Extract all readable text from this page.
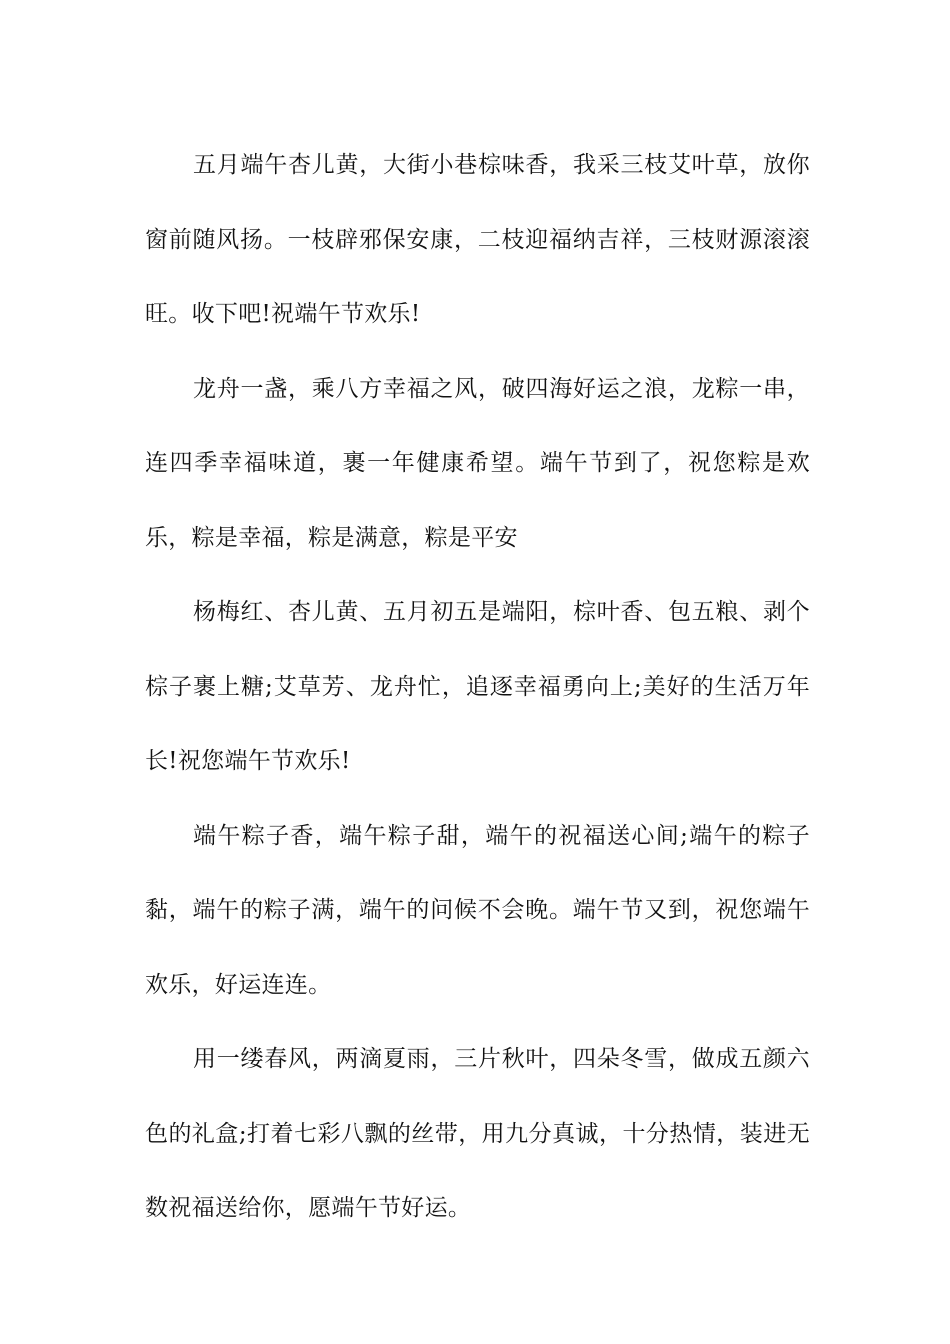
五月端午杏儿黄，大街小巷棕味香，我采三枝艾叶草，放你窗前随风扬。一枝辟邪保安康，二枝迎福纳吉祥，三枝财源滚滚旺。收下吧!祝端午节欢乐!

龙舟一盏，乘八方幸福之风，破四海好运之浪，龙粽一串，连四季幸福味道，裹一年健康希望。端午节到了，祝您粽是欢乐，粽是幸福，粽是满意，粽是平安

杨梅红、杏儿黄、五月初五是端阳，棕叶香、包五粮、剥个棕子裹上糖;艾草芳、龙舟忙，追逐幸福勇向上;美好的生活万年长!祝您端午节欢乐!

端午粽子香，端午粽子甜，端午的祝福送心间;端午的粽子黏，端午的粽子满，端午的问候不会晚。端午节又到，祝您端午欢乐，好运连连。

用一缕春风，两滴夏雨，三片秋叶，四朵冬雪，做成五颜六色的礼盒;打着七彩八飘的丝带，用九分真诚，十分热情，装进无数祝福送给你，愿端午节好运。
